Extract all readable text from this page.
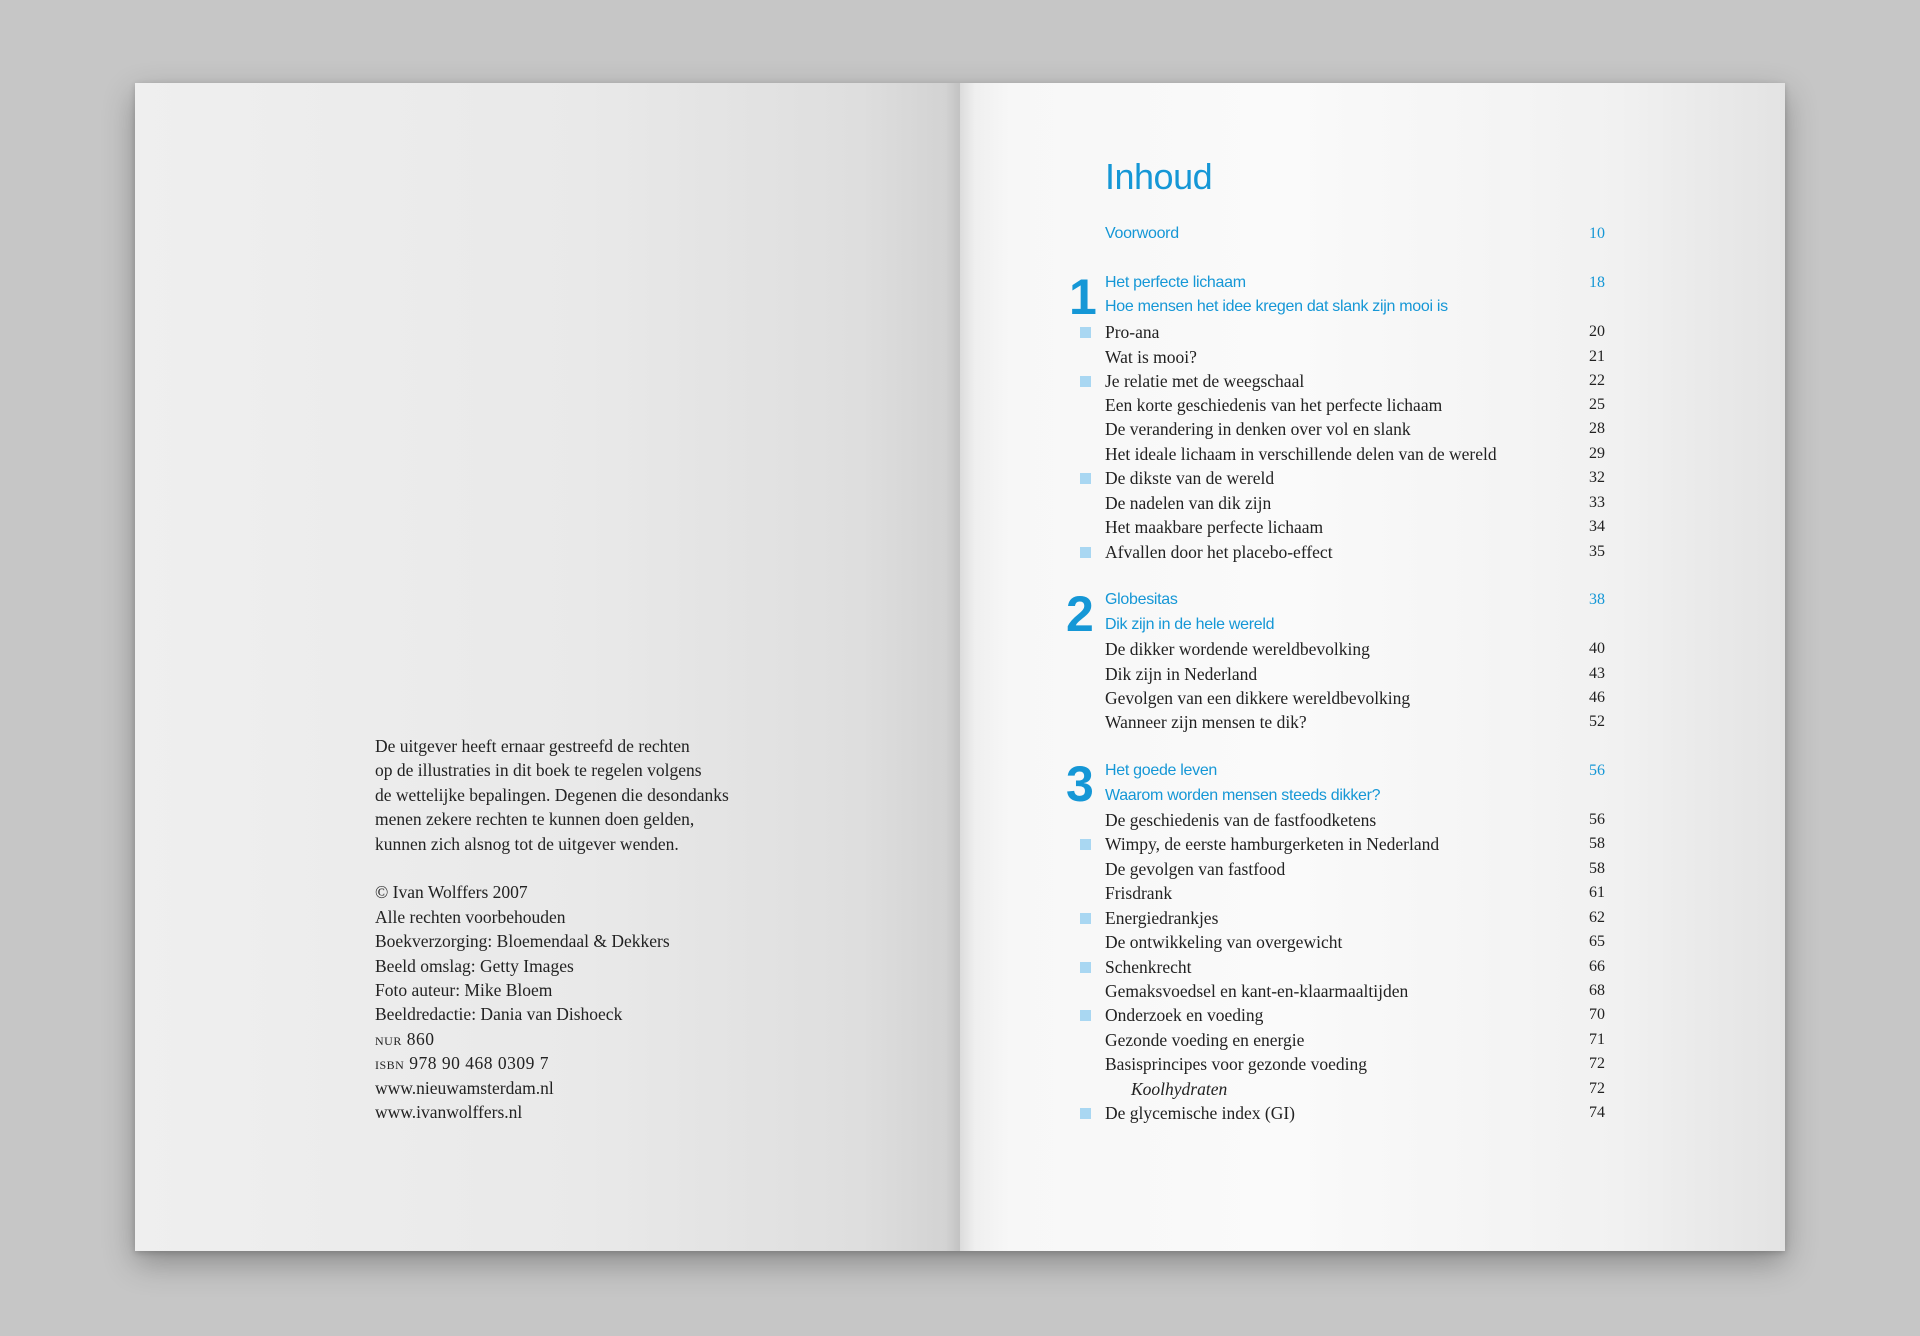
De uitgever heeft ernaar gestreefd de rechten
op de illustraties in dit boek te regelen volgens
de wettelijke bepalingen. Degenen die desondanks
menen zekere rechten te kunnen doen gelden,
kunnen zich alsnog tot de uitgever wenden.
© Ivan Wolffers 2007
Alle rechten voorbehouden
Boekverzorging: Bloemendaal & Dekkers
Beeld omslag: Getty Images
Foto auteur: Mike Bloem
Beeldredactie: Dania van Dishoeck
nur 860
isbn 978 90 468 0309 7
www.nieuwamsterdam.nl
www.ivanwolffers.nl
Inhoud
Voorwoord	10
1 Het perfecte lichaam	18
Hoe mensen het idee kregen dat slank zijn mooi is
Pro-ana	20
Wat is mooi?	21
Je relatie met de weegschaal	22
Een korte geschiedenis van het perfecte lichaam	25
De verandering in denken over vol en slank	28
Het ideale lichaam in verschillende delen van de wereld	29
De dikste van de wereld	32
De nadelen van dik zijn	33
Het maakbare perfecte lichaam	34
Afvallen door het placebo-effect	35
2 Globesitas	38
Dik zijn in de hele wereld
De dikker wordende wereldbevolking	40
Dik zijn in Nederland	43
Gevolgen van een dikkere wereldbevolking	46
Wanneer zijn mensen te dik?	52
3 Het goede leven	56
Waarom worden mensen steeds dikker?
De geschiedenis van de fastfoodketens	56
Wimpy, de eerste hamburgerketen in Nederland	58
De gevolgen van fastfood	58
Frisdrank	61
Energiedrankjes	62
De ontwikkeling van overgewicht	65
Schenkrecht	66
Gemaksvoedsel en kant-en-klaarmaaltijden	68
Onderzoek en voeding	70
Gezonde voeding en energie	71
Basisprincipes voor gezonde voeding	72
Koolhydraten	72
De glycemische index (GI)	74
